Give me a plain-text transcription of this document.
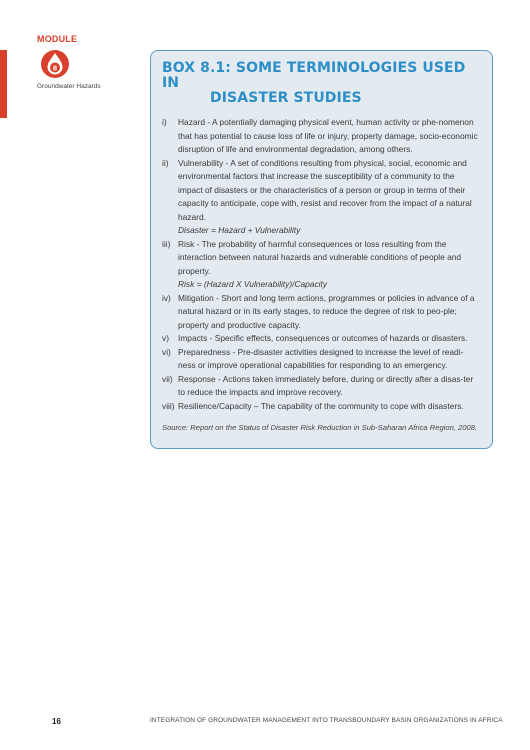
MODULE
8
Groundwater Hazards
BOX 8.1: SOME TERMINOLOGIES USED IN
DISASTER STUDIES
i)	Hazard - A potentially damaging physical event, human activity or phe-nomenon that has potential to cause loss of life or injury, property damage, socio-economic disruption of life and environmental degradation, among others.
ii)	Vulnerability - A set of conditions resulting from physical, social, economic and environmental factors that increase the susceptibility of a community to the impact of disasters or the characteristics of a person or group in terms of their capacity to anticipate, cope with, resist and recover from the impact of a natural hazard.
Disaster = Hazard + Vulnerability
iii) Risk - The probability of harmful consequences or loss resulting from the interaction between natural hazards and vulnerable conditions of people and property.
Risk = (Hazard X Vulnerability)/Capacity
iv) Mitigation - Short and long term actions, programmes or policies in advance of a natural hazard or in its early stages, to reduce the degree of risk to peo-ple; property and productive capacity.
v)	Impacts - Specific effects, consequences or outcomes of hazards or disasters.
vi) Preparedness - Pre-disaster activities designed to increase the level of readi-ness or improve operational capabilities for responding to an emergency.
vii) Response - Actions taken immediately before, during or directly after a disas-ter to reduce the impacts and improve recovery.
viii) Resilience/Capacity – The capability of the community to cope with disasters.
Source: Report on the Status of Disaster Risk Reduction in Sub-Saharan Africa Region, 2008.
16	INTEGRATION OF GROUNDWATER MANAGEMENT INTO TRANSBOUNDARY BASIN ORGANIZATIONS IN AFRICA
